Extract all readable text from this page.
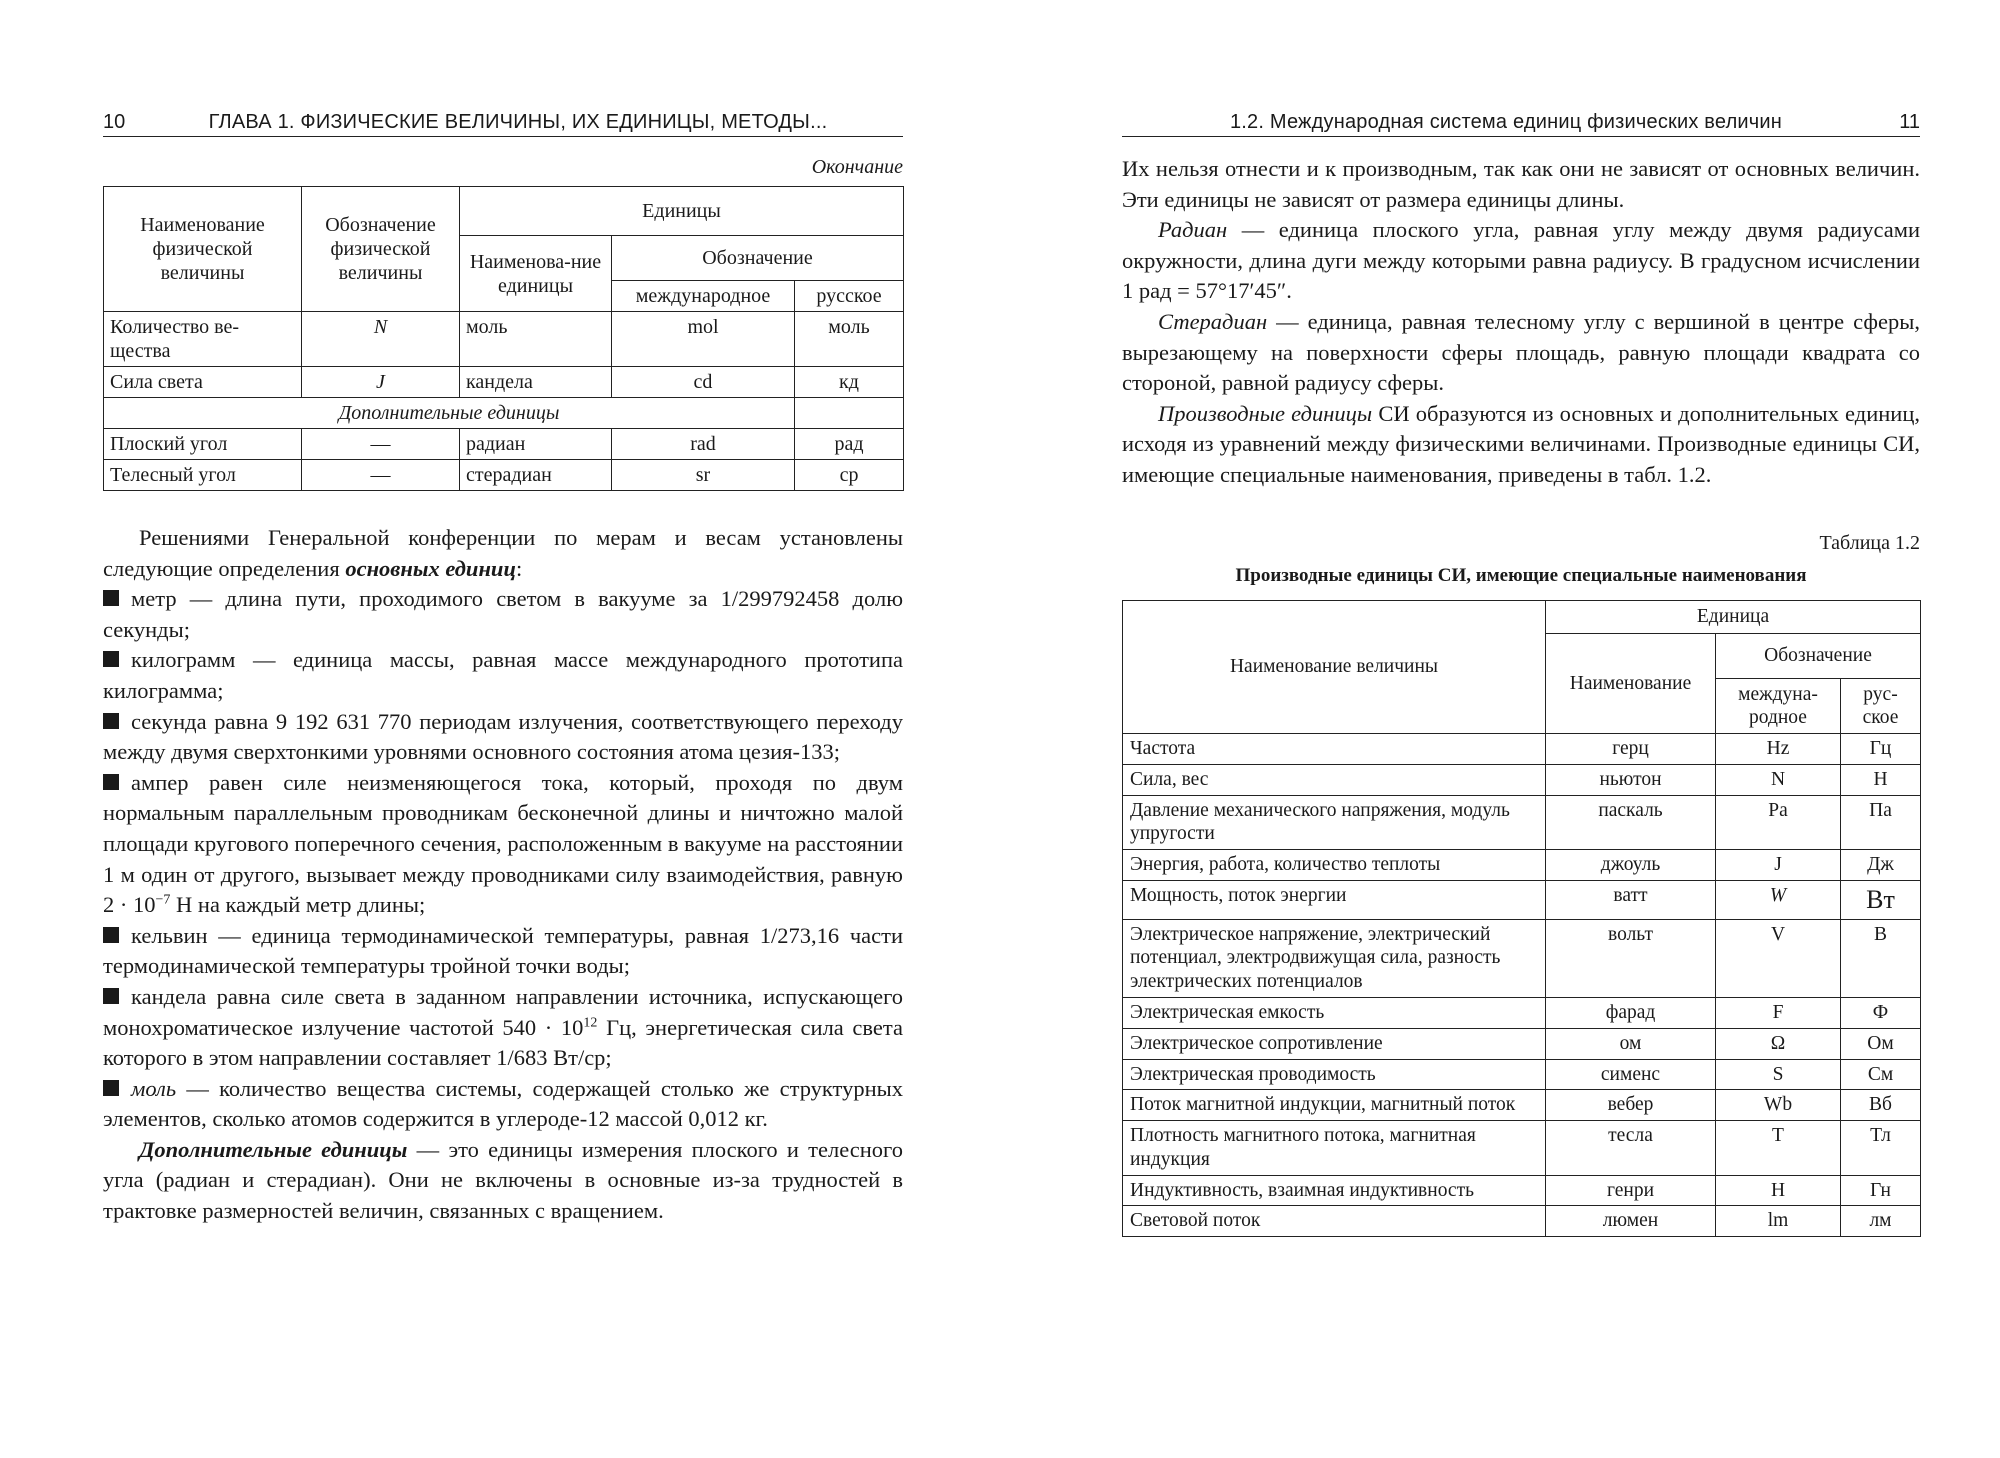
10	ГЛАВА 1. ФИЗИЧЕСКИЕ ВЕЛИЧИНЫ, ИХ ЕДИНИЦЫ, МЕТОДЫ...
Окончание
Наименование физической величины	Обозначение физической величины	Единицы		
		Наименова-ние единицы	Обозначение	
			международное	русское
Количество ве-щества	N	моль	mol	моль
Сила света	J	кандела	cd	кд
Дополнительные единицы				
Плоский угол	—	радиан	rad	рад
Телесный угол	—	стерадиан	sr	ср

Решениями Генеральной конференции по мерам и весам установлены следующие определения основных единиц:

метр — длина пути, проходимого светом в вакууме за 1/299792458 долю секунды;

килограмм — единица массы, равная массе международного прототипа килограмма;

секунда равна 9 192 631 770 периодам излучения, соответствующего переходу между двумя сверхтонкими уровнями основного состояния атома цезия-133;

ампер равен силе неизменяющегося тока, который, проходя по двум нормальным параллельным проводникам бесконечной длины и ничтожно малой площади кругового поперечного сечения, расположенным в вакууме на расстоянии 1 м один от другого, вызывает между проводниками силу взаимодействия, равную $2 \cdot 10^{-7}$ Н на каждый метр длины;

кельвин — единица термодинамической температуры, равная 1/273,16 части термодинамической температуры тройной точки воды;

кандела равна силе света в заданном направлении источника, испускающего монохроматическое излучение частотой $540 \cdot 10^{12}$ Гц, энергетическая сила света которого в этом направлении составляет 1/683 Вт/ср;

моль — количество вещества системы, содержащей столько же структурных элементов, сколько атомов содержится в углероде-12 массой 0,012 кг.

Дополнительные единицы — это единицы измерения плоского и телесного угла (радиан и стерадиан). Они не включены в основные из-за трудностей в трактовке размерностей величин, связанных с вращением.

1.2. Международная система единиц физических величин	11

Их нельзя отнести и к производным, так как они не зависят от основных величин. Эти единицы не зависят от размера единицы длины.

Радиан — единица плоского угла, равная углу между двумя радиусами окружности, длина дуги между которыми равна радиусу. В градусном исчислении 1 рад = 57°17′45″.

Стерадиан — единица, равная телесному углу с вершиной в центре сферы, вырезающему на поверхности сферы площадь, равную площади квадрата со стороной, равной радиусу сферы.

Производные единицы СИ образуются из основных и дополнительных единиц, исходя из уравнений между физическими величинами. Производные единицы СИ, имеющие специальные наименования, приведены в табл. 1.2.

Таблица 1.2
Производные единицы СИ, имеющие специальные наименования
Наименование величины	Единица		
	Наименование	Обозначение	
		междуна-родное	рус-ское
Частота	герц	Hz	Гц
Сила, вес	ньютон	N	Н
Давление механического напряжения, модуль упругости	паскаль	Pa	Па
Энергия, работа, количество теплоты	джоуль	J	Дж
Мощность, поток энергии	ватт	W	Вт
Электрическое напряжение, электрический потенциал, электродвижущая сила, разность электрических потенциалов	вольт	V	В
Электрическая емкость	фарад	F	Ф
Электрическое сопротивление	ом	Ω	Ом
Электрическая проводимость	сименс	S	См
Поток магнитной индукции, магнитный поток	вебер	Wb	Вб
Плотность магнитного потока, магнитная индукция	тесла	T	Тл
Индуктивность, взаимная индуктивность	генри	H	Гн
Световой поток	люмен	lm	лм
